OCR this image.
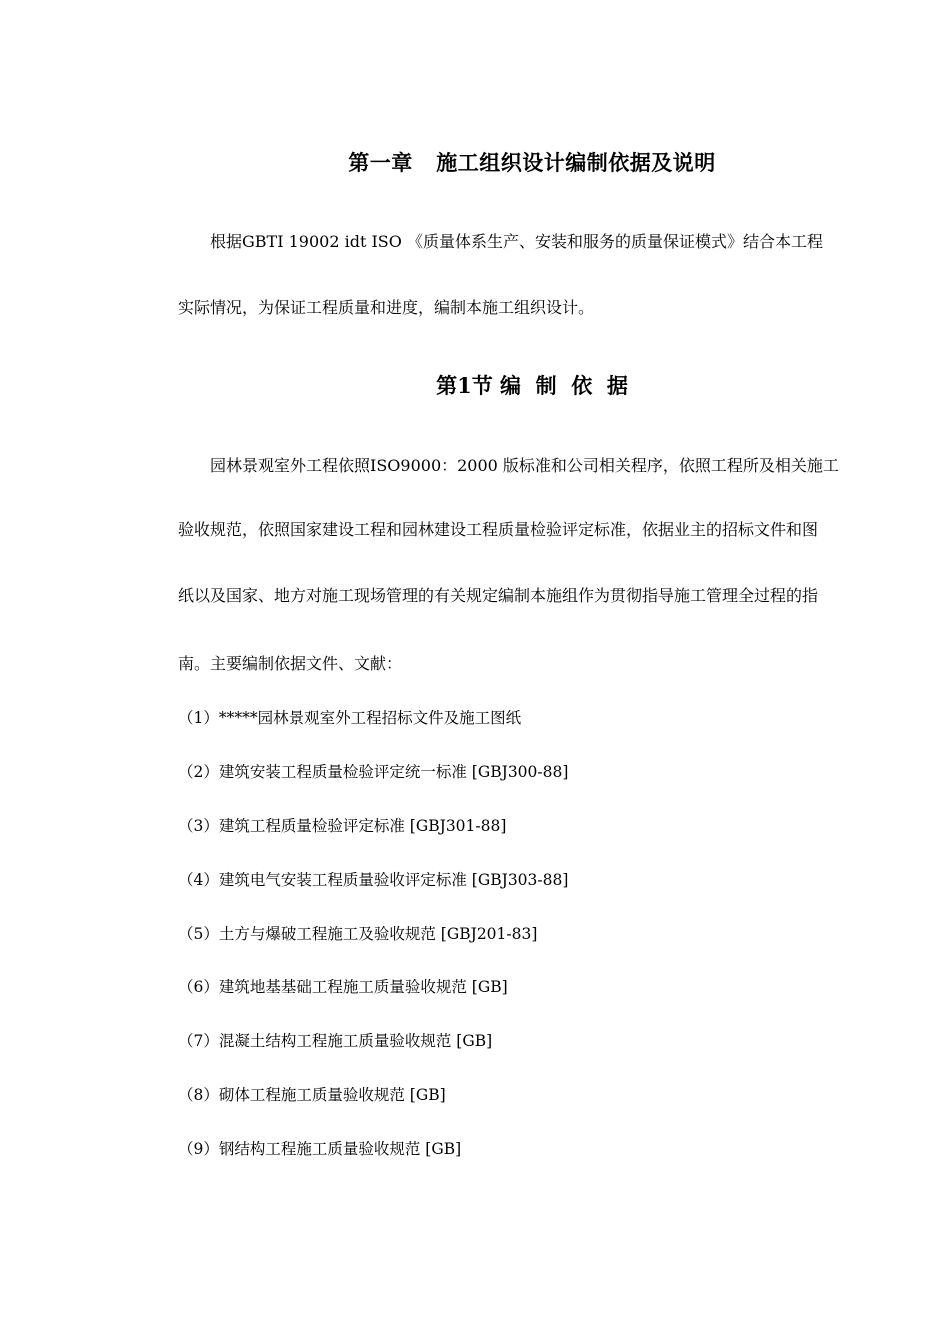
第一章   施工组织设计编制依据及说明
根据GBTI 19002 idt ISO 《质量体系生产、安装和服务的质量保证模式》结合本工程
实际情况，为保证工程质量和进度，编制本施工组织设计。
第1节 编  制  依  据
园林景观室外工程依照ISO9000：2000 版标准和公司相关程序，依照工程所及相关施工
验收规范，依照国家建设工程和园林建设工程质量检验评定标准，依据业主的招标文件和图
纸以及国家、地方对施工现场管理的有关规定编制本施组作为贯彻指导施工管理全过程的指
南。主要编制依据文件、文献：
（1）*****园林景观室外工程招标文件及施工图纸
（2）建筑安装工程质量检验评定统一标准 [GBJ300-88]
（3）建筑工程质量检验评定标准 [GBJ301-88]
（4）建筑电气安装工程质量验收评定标准 [GBJ303-88]
（5）土方与爆破工程施工及验收规范 [GBJ201-83]
（6）建筑地基基础工程施工质量验收规范 [GB]
（7）混凝土结构工程施工质量验收规范 [GB]
（8）砌体工程施工质量验收规范 [GB]
（9）钢结构工程施工质量验收规范 [GB]
